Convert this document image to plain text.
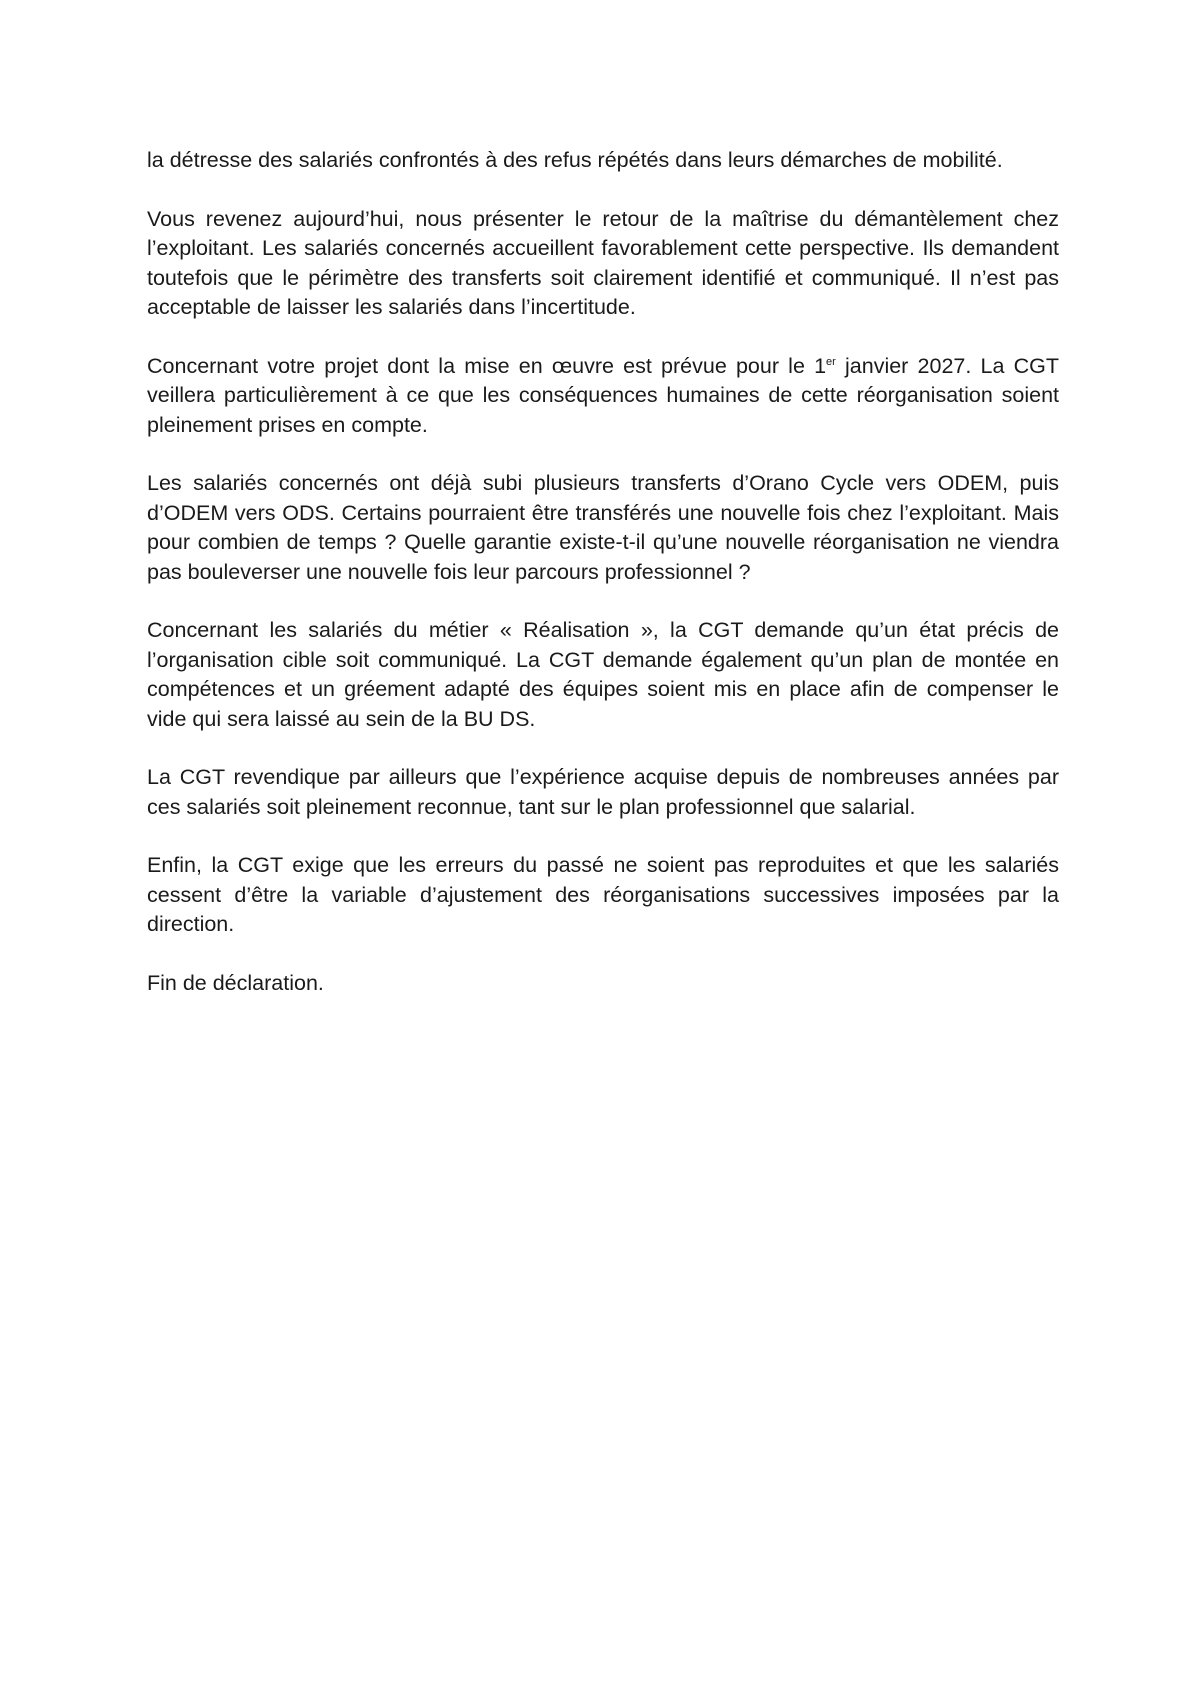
la détresse des salariés confrontés à des refus répétés dans leurs démarches de mobilité.

Vous revenez aujourd’hui, nous présenter le retour de la maîtrise du démantèlement chez l’exploitant. Les salariés concernés accueillent favorablement cette perspective. Ils demandent toutefois que le périmètre des transferts soit clairement identifié et communiqué. Il n’est pas acceptable de laisser les salariés dans l’incertitude.

Concernant votre projet dont la mise en œuvre est prévue pour le 1er janvier 2027. La CGT veillera particulièrement à ce que les conséquences humaines de cette réorganisation soient pleinement prises en compte.

Les salariés concernés ont déjà subi plusieurs transferts d’Orano Cycle vers ODEM, puis d’ODEM vers ODS. Certains pourraient être transférés une nouvelle fois chez l’exploitant. Mais pour combien de temps ? Quelle garantie existe-t-il qu’une nouvelle réorganisation ne viendra pas bouleverser une nouvelle fois leur parcours professionnel ?

Concernant les salariés du métier « Réalisation », la CGT demande qu’un état précis de l’organisation cible soit communiqué. La CGT demande également qu’un plan de montée en compétences et un gréement adapté des équipes soient mis en place afin de compenser le vide qui sera laissé au sein de la BU DS.

La CGT revendique par ailleurs que l’expérience acquise depuis de nombreuses années par ces salariés soit pleinement reconnue, tant sur le plan professionnel que salarial.

Enfin, la CGT exige que les erreurs du passé ne soient pas reproduites et que les salariés cessent d’être la variable d’ajustement des réorganisations successives imposées par la direction.

Fin de déclaration.
